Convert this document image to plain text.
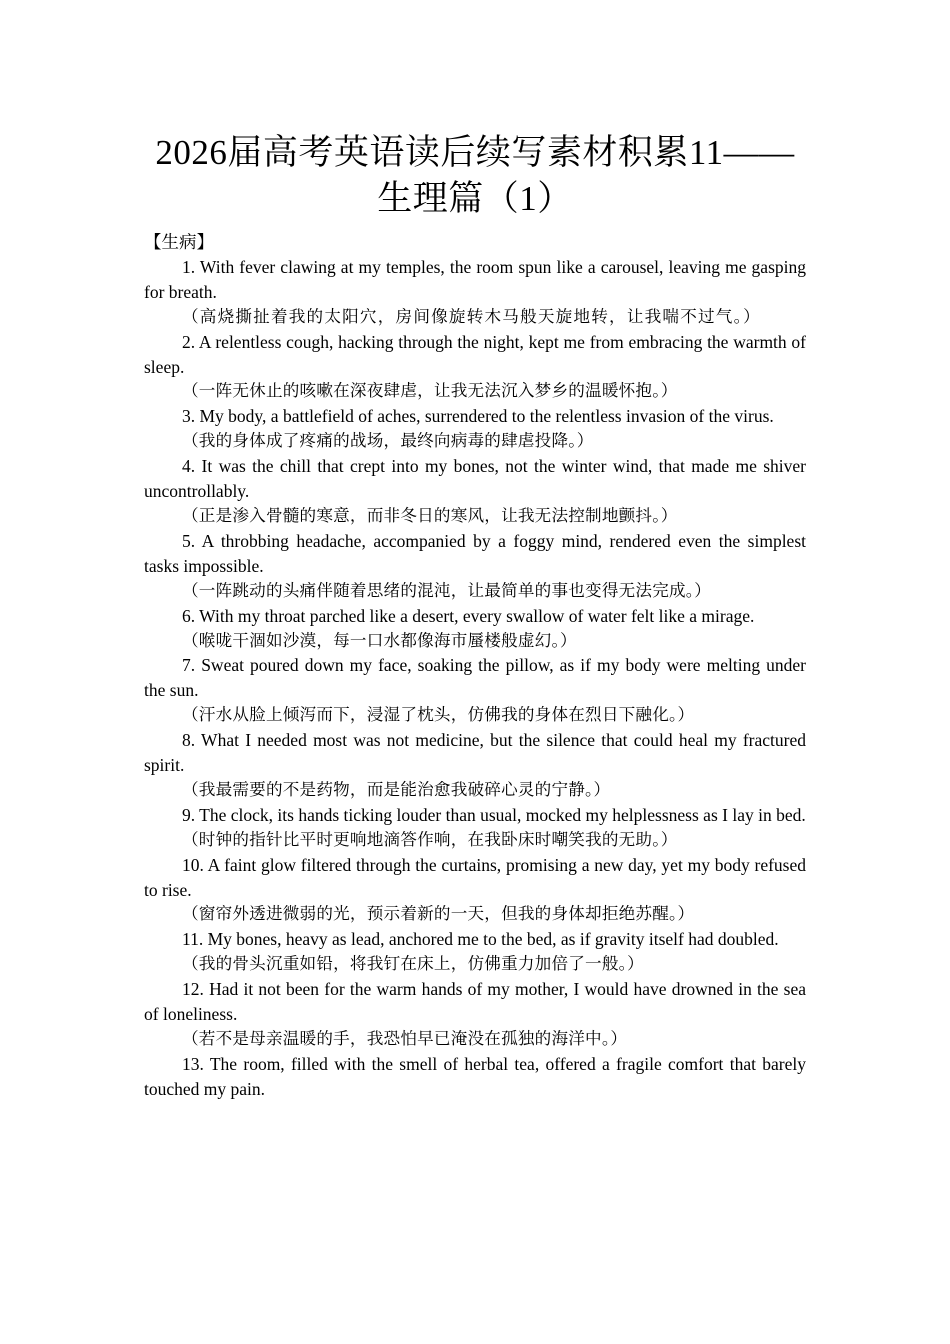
2026届高考英语读后续写素材积累11——
生理篇（1）

【生病】

1. With fever clawing at my temples, the room spun like a carousel, leaving me gasping for breath.

（高烧撕扯着我的太阳穴，房间像旋转木马般天旋地转，让我喘不过气。）

2. A relentless cough, hacking through the night, kept me from embracing the warmth of sleep.

（一阵无休止的咳嗽在深夜肆虐，让我无法沉入梦乡的温暖怀抱。）

3. My body, a battlefield of aches, surrendered to the relentless invasion of the virus.

（我的身体成了疼痛的战场，最终向病毒的肆虐投降。）

4. It was the chill that crept into my bones, not the winter wind, that made me shiver uncontrollably.

（正是渗入骨髓的寒意，而非冬日的寒风，让我无法控制地颤抖。）

5. A throbbing headache, accompanied by a foggy mind, rendered even the simplest tasks impossible.

（一阵跳动的头痛伴随着思绪的混沌，让最简单的事也变得无法完成。）

6. With my throat parched like a desert, every swallow of water felt like a mirage.

（喉咙干涸如沙漠，每一口水都像海市蜃楼般虚幻。）

7. Sweat poured down my face, soaking the pillow, as if my body were melting under the sun.

（汗水从脸上倾泻而下，浸湿了枕头，仿佛我的身体在烈日下融化。）

8. What I needed most was not medicine, but the silence that could heal my fractured spirit.

（我最需要的不是药物，而是能治愈我破碎心灵的宁静。）

9. The clock, its hands ticking louder than usual, mocked my helplessness as I lay in bed.

（时钟的指针比平时更响地滴答作响，在我卧床时嘲笑我的无助。）

10. A faint glow filtered through the curtains, promising a new day, yet my body refused to rise.

（窗帘外透进微弱的光，预示着新的一天，但我的身体却拒绝苏醒。）

11. My bones, heavy as lead, anchored me to the bed, as if gravity itself had doubled.

（我的骨头沉重如铅，将我钉在床上，仿佛重力加倍了一般。）

12. Had it not been for the warm hands of my mother, I would have drowned in the sea of loneliness.

（若不是母亲温暖的手，我恐怕早已淹没在孤独的海洋中。）

13. The room, filled with the smell of herbal tea, offered a fragile comfort that barely touched my pain.
